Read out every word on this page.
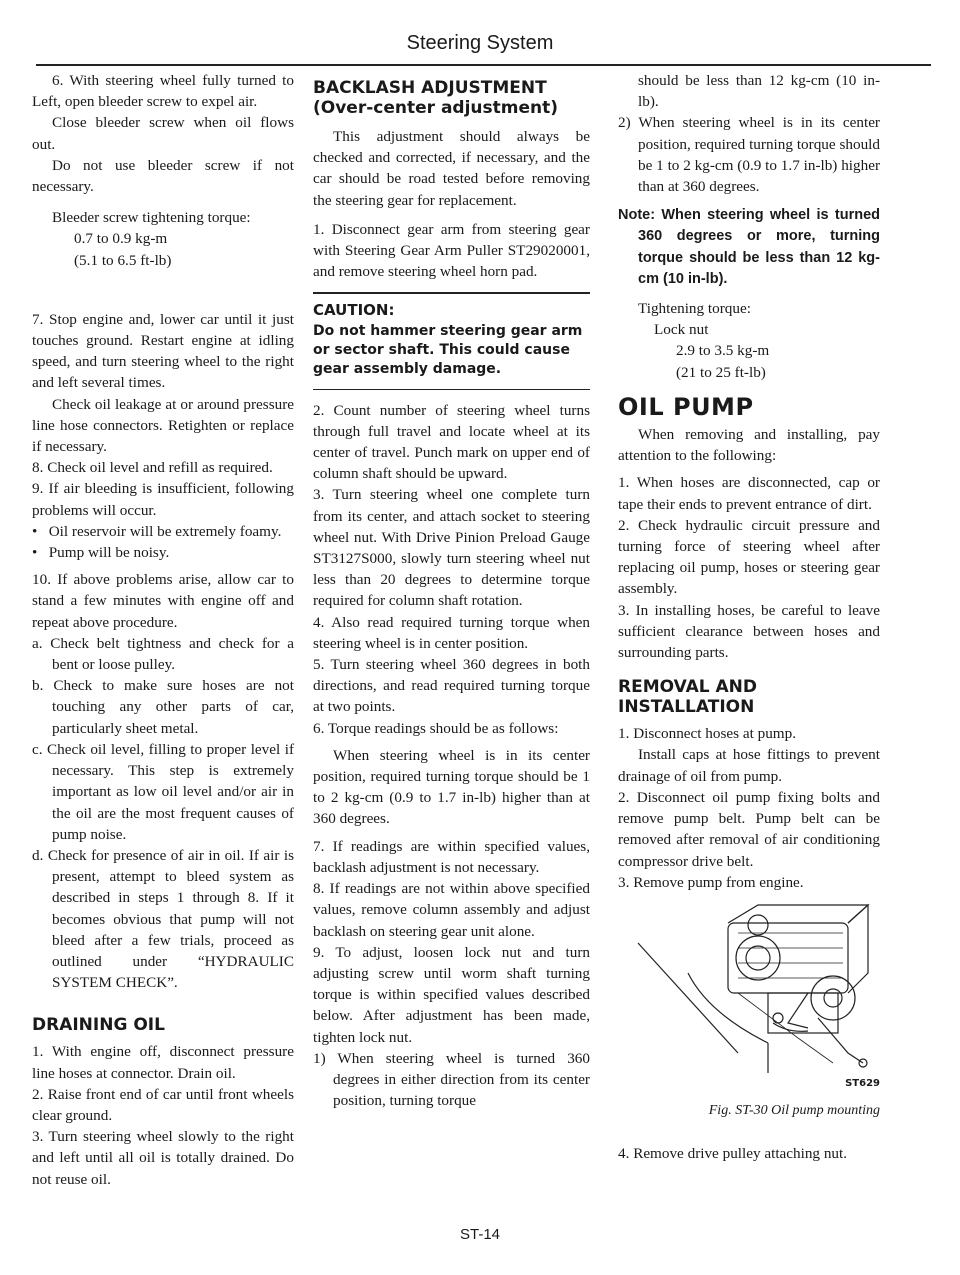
Steering System

6. With steering wheel fully turned to Left, open bleeder screw to expel air.

Close bleeder screw when oil flows out.

Do not use bleeder screw if not necessary.

Bleeder screw tightening torque:

0.7 to 0.9 kg-m

(5.1 to 6.5 ft-lb)

7. Stop engine and, lower car until it just touches ground. Restart engine at idling speed, and turn steering wheel to the right and left several times.

Check oil leakage at or around pressure line hose connectors. Retighten or replace if necessary.

8. Check oil level and refill as required.

9. If air bleeding is insufficient, following problems will occur.

•   Oil reservoir will be extremely foamy.

•   Pump will be noisy.

10. If above problems arise, allow car to stand a few minutes with engine off and repeat above procedure.

a. Check belt tightness and check for a bent or loose pulley.

b. Check to make sure hoses are not touching any other parts of car, particularly sheet metal.

c. Check oil level, filling to proper level if necessary. This step is extremely important as low oil level and/or air in the oil are the most frequent causes of pump noise.

d. Check for presence of air in oil. If air is present, attempt to bleed system as described in steps 1 through 8. If it becomes obvious that pump will not bleed after a few trials, proceed as outlined under “HYDRAULIC SYSTEM CHECK”.

DRAINING OIL

1. With engine off, disconnect pressure line hoses at connector. Drain oil.

2. Raise front end of car until front wheels clear ground.

3. Turn steering wheel slowly to the right and left until all oil is totally drained. Do not reuse oil.

BACKLASH ADJUSTMENT
(Over-center adjustment)

This adjustment should always be checked and corrected, if necessary, and the car should be road tested before removing the steering gear for replacement.

1. Disconnect gear arm from steering gear with Steering Gear Arm Puller ST29020001, and remove steering wheel horn pad.

CAUTION:

Do not hammer steering gear arm or sector shaft. This could cause gear assembly damage.

2. Count number of steering wheel turns through full travel and locate wheel at its center of travel. Punch mark on upper end of column shaft should be upward.

3. Turn steering wheel one complete turn from its center, and attach socket to steering wheel nut. With Drive Pinion Preload Gauge ST3127S000, slowly turn steering wheel nut less than 20 degrees to determine torque required for column shaft rotation.

4. Also read required turning torque when steering wheel is in center position.

5. Turn steering wheel 360 degrees in both directions, and read required turning torque at two points.

6. Torque readings should be as follows:

When steering wheel is in its center position, required turning torque should be 1 to 2 kg-cm (0.9 to 1.7 in-lb) higher than at 360 degrees.

7. If readings are within specified values, backlash adjustment is not necessary.

8. If readings are not within above specified values, remove column assembly and adjust backlash on steering gear unit alone.

9. To adjust, loosen lock nut and turn adjusting screw until worm shaft turning torque is within specified values described below. After adjustment has been made, tighten lock nut.

1) When steering wheel is turned 360 degrees in either direction from its center position, turning torque

should be less than 12 kg-cm (10 in-lb).

2) When steering wheel is in its center position, required turning torque should be 1 to 2 kg-cm (0.9 to 1.7 in-lb) higher than at 360 degrees.

Note: When steering wheel is turned 360 degrees or more, turning torque should be less than 12 kg-cm (10 in-lb).

Tightening torque:

Lock nut

2.9 to 3.5 kg-m

(21 to 25 ft-lb)

OIL PUMP

When removing and installing, pay attention to the following:

1. When hoses are disconnected, cap or tape their ends to prevent entrance of dirt.

2. Check hydraulic circuit pressure and turning force of steering wheel after replacing oil pump, hoses or steering gear assembly.

3. In installing hoses, be careful to leave sufficient clearance between hoses and surrounding parts.

REMOVAL AND
INSTALLATION

1. Disconnect hoses at pump.

Install caps at hose fittings to prevent drainage of oil from pump.

2. Disconnect oil pump fixing bolts and remove pump belt. Pump belt can be removed after removal of air conditioning compressor drive belt.

3. Remove pump from engine.

ST629

Fig. ST-30 Oil pump mounting

4. Remove drive pulley attaching nut.

ST-14
